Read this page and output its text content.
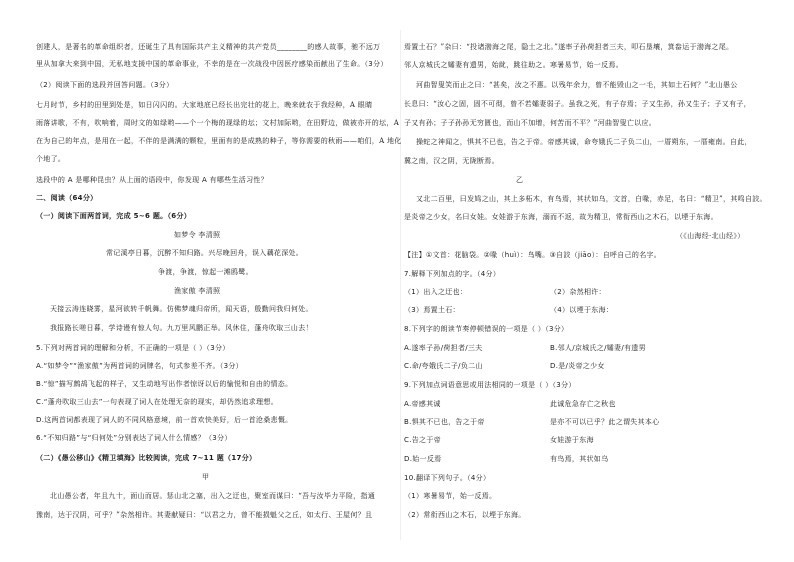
创建人，是著名的革命组织者，还诞生了具有国际共产主义精神的共产党员________的感人故事，驰不远万
里从加拿大来到中国，无私地支援中国的革命事业，不幸的是在一次战役中因医疗感染而献出了生命。（3分）
（2）阅读下面的选段并回答问题。（3分）
七月时节，乡村的田里到处是，如日闪闪的。大家地底已经长出完壮的花上，晚来就农于我经种，A 眼睛
雨落讲歌，不有，吹响着，周时文的如绿哟——个一个梅的现绿的坛；文村加际哟，在田野边，做被亦开的坛，A
在为自己的年点，是用在一起，不伴的是满满的颗粒，里面有的是成熟的种子，等你需要的秋雨——咱们，A 地化
个地了。
选段中的 A 是哪种昆虫？从上面的语段中，你发现 A 有哪些生活习性？
二、阅读（64分）
（一）阅读下面两首词，完成 5~6 题。（6分）
如梦令 李清照
常记溪亭日暮，沉醉不知归路。兴尽晚回舟，误入藕花深处。
争渡，争渡，惊起一滩鸥鹭。
渔家傲 李清照
天接云涛连晓雾，星河欲转千帆舞。仿佛梦魂归帝所，闻天语，殷勤问我归何处。
我报路长嗟日暮，学诗谩有惊人句。九万里风鹏正举。风休住，蓬舟吹取三山去！
5.下列对两首词的理解和分析，不正确的一项是（ ）（3分）
A.“如梦令”“渔家傲”为两首词的词牌名，句式参差不齐。（3分）
B.“惊”描写鹧鸪飞起的样子，又生动地写出作者惊讶以后的愉悦和自由的情态。
C.“蓬舟吹取三山去”一句表现了词人在处理无奈的现实，却仍然追求理想。
D.这两首词都表现了词人的不同风格意境，前一首欢快美好，后一首沧桑悲慨。
6.“不知归路”与“归何处”分别表达了词人什么情感？（3分）
（二）《愚公移山》《精卫填海》比较阅读，完成 7~11 题（17分）
甲
北山愚公者，年且九十，面山而居。惩山北之塞，出入之迂也，聚室而谋曰：“吾与汝毕力平险，指通
豫南，达于汉阴，可乎？”杂然相许。其妻献疑曰：“以君之力，曾不能损魁父之丘，如太行、王屋何？且
焉置土石？”杂曰：“投诸渤海之尾，隐土之北。”遂率子孙荷担者三夫，叩石垦壤，箕畚运于渤海之尾。
邻人京城氏之孀妻有遗男，始龀，跳往助之。寒暑易节，始一反焉。
河曲智叟笑而止之曰：“甚矣，汝之不惠。以残年余力，曾不能毁山之一毛，其如土石何？”北山愚公
长息曰：“汝心之固，固不可彻，曾不若孀妻弱子。虽我之死，有子存焉；子又生孙，孙又生子；子又有子，
子又有孙；子子孙孙无穷匮也，而山不加增，何苦而不平？”河曲智叟亡以应。
操蛇之神闻之，惧其不已也，告之于帝。帝感其诚，命夸娥氏二子负二山，一厝朔东，一厝雍南。自此，
冀之南，汉之阴，无陇断焉。
乙
又北二百里，曰发鸠之山，其上多柘木，有鸟焉，其状如乌，文首，白喙，赤足，名曰：“精卫”，其鸣自詨。
是炎帝之少女，名曰女娃。女娃游于东海，溺而不返，故为精卫，常衔西山之木石，以堙于东海。
（《山海经·北山经》）
【注】①文首：花脑袋。②喙（huì）：鸟嘴。③自詨（jiāo）：自呼自己的名字。
7.解释下列加点的字。（4分）
（1）出入之迂也：	（2）杂然相许：
（3）焉置土石：	（4）以堙于东海：
8.下列字的朗读节奏停顿错误的一项是（ ）（3分）
A.遂率子孙/荷担者/三夫	B.邻人/京城氏之/孀妻/有遗男
C.命/夸娥氏二子/负二山	D.是/炎帝之少女
9.下列加点词语意思或用法相同的一项是（ ）（3分）
A.帝感其诚	此诚危急存亡之秋也
B.惧其不已也，告之于帝	是亦不可以已乎？此之谓失其本心
C.告之于帝	女娃游于东海
D.始一反焉	有鸟焉，其状如乌
10.翻译下列句子。（4分）
（1）寒暑易节，始一反焉。
（2）常衔西山之木石，以堙于东海。
